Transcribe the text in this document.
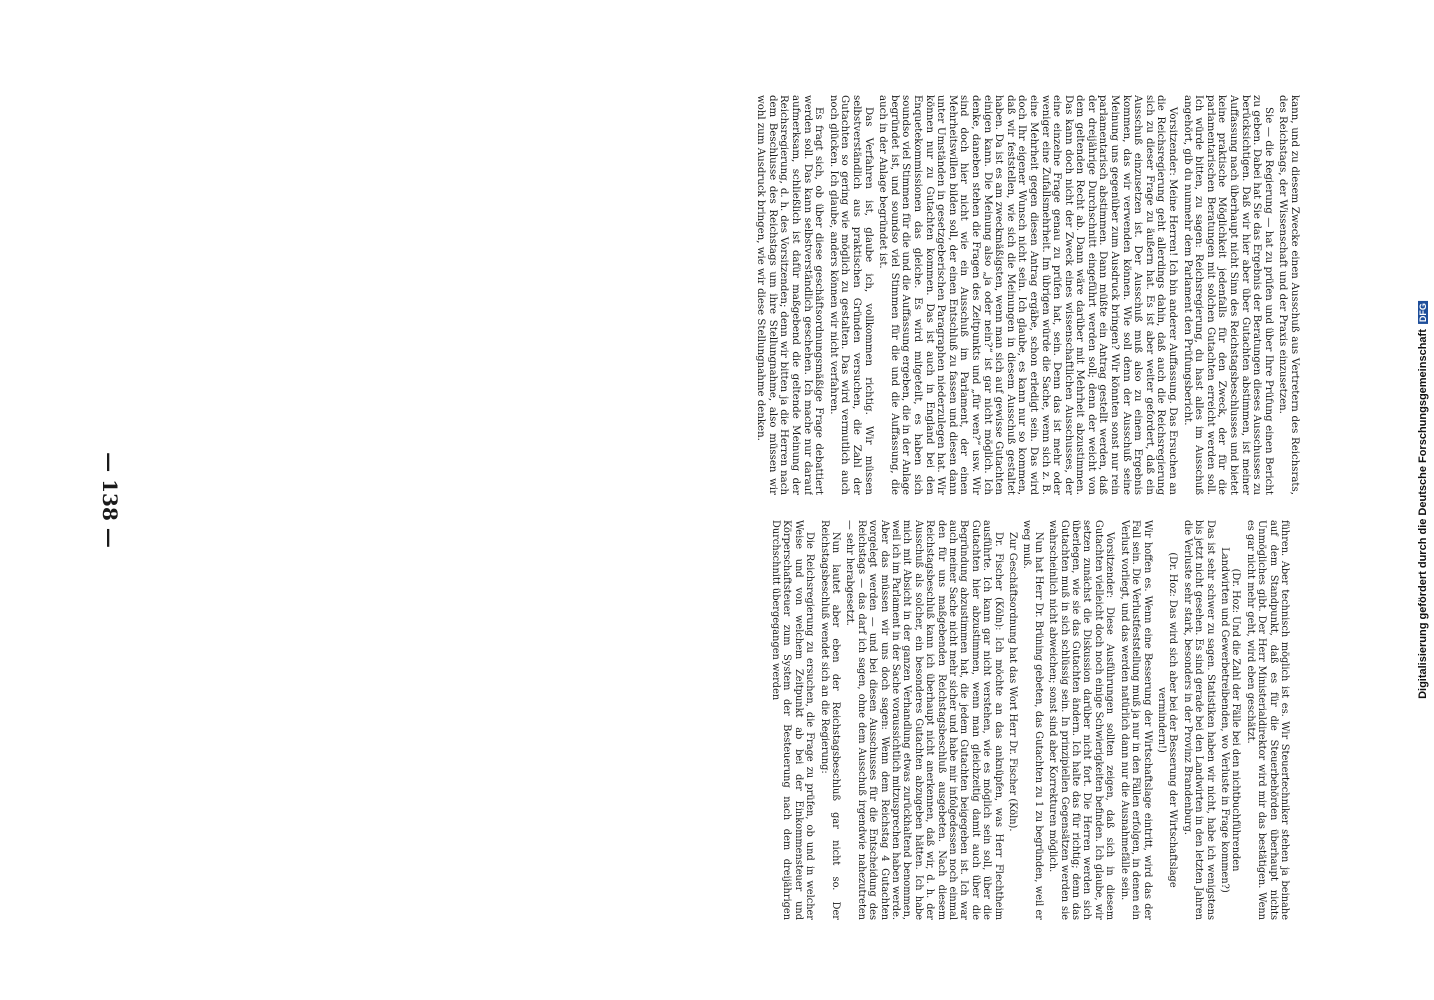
kann, und zu diesem Zwecke einen Ausschuß aus Vertretern des Reichsrats, des Reichstags, der Wissenschaft und der Praxis einzusetzen.

Sie — die Regierung — hat zu prüfen und über Ihre Prüfung einen Bericht zu geben. Dabei hat Sie das Ergebnis der Beratungen dieses Ausschusses zu berücksichtigen. Daß wir hier aber über Gutachten abstimmen, ist meiner Auffassung nach überhaupt nicht Sinn des Reichstagsbeschlusses und bietet keine praktische Möglichkeit jedenfalls für den Zweck, der für die parlamentarischen Beratungen mit solchen Gutachten erreicht werden soll. Ich würde bitten, zu sagen: Reichsregierung, du hast alles im Ausschuß angehört, gib du nunmehr dem Parlament den Prüfungsbericht.

Vorsitzender: Meine Herren! Ich bin anderer Auffassung. Das Ersuchen an die Reichsregierung geht allerdings dahin, daß auch die Reichsregierung sich zu dieser Frage zu äußern hat. Es ist aber weiter gefordert, daß ein Ausschuß einzusetzen ist. Der Ausschuß muß also zu einem Ergebnis kommen, das wir verwenden können. Wie soll denn der Ausschuß seine Meinung uns gegenüber zum Ausdruck bringen? Wir könnten sonst nur rein parlamentarisch abstimmen. Dann müßte ein Antrag gestellt werden, daß der dreijährige Durchschnitt eingeführt werden soll; denn der weicht von dem geltenden Recht ab. Dann wäre darüber mit Mehrheit abzustimmen. Das kann doch nicht der Zweck eines wissenschaftlichen Ausschusses, der eine einzelne Frage genau zu prüfen hat, sein. Denn das ist mehr oder weniger eine Zufallsmehrheit. Im übrigen würde die Sache, wenn sich z. B. eine Mehrheit gegen diesen Antrag ergäbe, schon erledigt sein. Das wird doch Ihr eigener Wunsch nicht sein. Ich glaube, es kann nur so kommen, daß wir feststellen, wie sich die Meinungen in diesem Ausschuß gestaltet haben. Da ist es am zweckmäßigsten, wenn man sich auf gewisse Gutachten einigen kann. Die Meinung also „ja oder nein?“ ist gar nicht möglich. Ich denke, daneben stehen die Fragen des Zeitpunkts und „für wen?“ usw. Wir sind doch hier nicht wie ein Ausschuß im Parlament, der einen Mehrheitswillen bilden soll, der einen Entschluß zu fassen und diesen dann unter Umständen in gesetzgeberischen Paragraphen niederzulegen hat. Wir können nur zu Gutachten kommen. Das ist auch in England bei den Enquetekommissionen das gleiche. Es wird mitgeteilt, es haben sich soundso viel Stimmen für die und die Auffassung ergeben, die in der Anlage begründet ist, und soundso viel Stimmen für die und die Auffassung, die auch in der Anlage begründet ist.

Das Verfahren ist, glaube ich, vollkommen richtig. Wir müssen selbstverständlich aus praktischen Gründen versuchen, die Zahl der Gutachten so gering wie möglich zu gestalten. Das wird vermutlich auch noch glücken. Ich glaube, anders können wir nicht verfahren.

Es fragt sich, ob über diese geschäftsordnungsmäßige Frage debattiert werden soll. Das kann selbstverständlich geschehen. Ich mache nur darauf aufmerksam, schließlich ist dafür maßgebend die geltende Meinung der Reichsregierung, d. h. des Vorsitzenden; denn wir bitten ja die Herren nach dem Beschlusse des Reichstags um ihre Stellungnahme, also müssen wir wohl zum Ausdruck bringen, wie wir diese Stellungnahme denken.

führen. Aber technisch möglich ist es. Wir Steuertechniker stehen ja beinahe auf dem Standpunkt, daß es für die Steuerbehörden überhaupt nichts Unmögliches gibt. Der Herr Ministerialdirektor wird mir das bestätigen. Wenn es gar nicht mehr geht, wird eben geschätzt.

(Dr. Hoz: Und die Zahl der Fälle bei den nichtbuchführenden Landwirten und Gewerbetreibenden, wo Verluste in Frage kommen?)

Das ist sehr schwer zu sagen. Statistiken haben wir nicht, habe ich wenigstens bis jetzt nicht gesehen. Es sind gerade bei den Landwirten in den letzten Jahren die Verluste sehr stark, besonders in der Provinz Brandenburg.

(Dr. Hoz: Das wird sich aber bei der Besserung der Wirtschaftslage vermindern!)

Wir hoffen es. Wenn eine Besserung der Wirtschaftslage eintritt, wird das der Fall sein. Die Verlustfeststellung muß ja nur in den Fällen erfolgen, in denen ein Verlust vorliegt, und das werden natürlich dann nur die Ausnahmefälle sein.

Vorsitzender: Diese Ausführungen sollten zeigen, daß sich in diesem Gutachten vielleicht doch noch einige Schwierigkeiten befinden. Ich glaube, wir setzen zunächst die Diskussion darüber nicht fort. Die Herren werden sich überlegen, wie sie das Gutachten ändern. Ich halte das für richtig; denn das Gutachten muß in sich schlüssig sein. In prinzipiellen Gegensätzen werden sie wahrscheinlich nicht abweichen; sonst sind aber Korrekturen möglich.

Nun hat Herr Dr. Brüning gebeten, das Gutachten zu 1 zu begründen, weil er weg muß.

Zur Geschäftsordnung hat das Wort Herr Dr. Fischer (Köln).

Dr. Fischer (Köln): Ich möchte an das anknüpfen, was Herr Flechtheim ausführte. Ich kann gar nicht verstehen, wie es möglich sein soll, über die Gutachten hier abzustimmen, wenn man gleichzeitig damit auch über die Begründung abzustimmen hat, die jedem Gutachten beigegeben ist. Ich war auch meiner Sache nicht mehr sicher und habe mir infolgedessen noch einmal den für uns maßgebenden Reichstagsbeschluß ausgebeten. Nach diesem Reichstagsbeschluß kann ich überhaupt nicht anerkennen, daß wir, d. h. der Ausschuß als solcher, ein besonderes Gutachten abzugeben hätten. Ich habe mich mit Absicht in der ganzen Verhandlung etwas zurückhaltend benommen, weil ich im Parlament in der Sache voraussichtlich mitzusprechen haben werde. Aber das müssen wir uns doch sagen: Wenn dem Reichstag 4 Gutachten vorgelegt werden — und bei diesen Ausschusses für die Entscheidung des Reichstags — das darf ich sagen, ohne dem Ausschuß irgendwie nahezutreten — sehr herabgesetzt.

Nun lautet aber eben der Reichstagsbeschluß gar nicht so. Der Reichstagsbeschluß wendet sich an die Regierung:

Die Reichsregierung zu ersuchen, die Frage zu prüfen, ob und in welcher Weise und von welchem Zeitpunkt ab bei der Einkommensteuer und Körperschaftsteuer zum System der Besteuerung nach dem dreijährigen Durchschnitt übergegangen werden

— 138 —	Digitalisierung gefördert durch die Deutsche Forschungsgemeinschaft DFG
